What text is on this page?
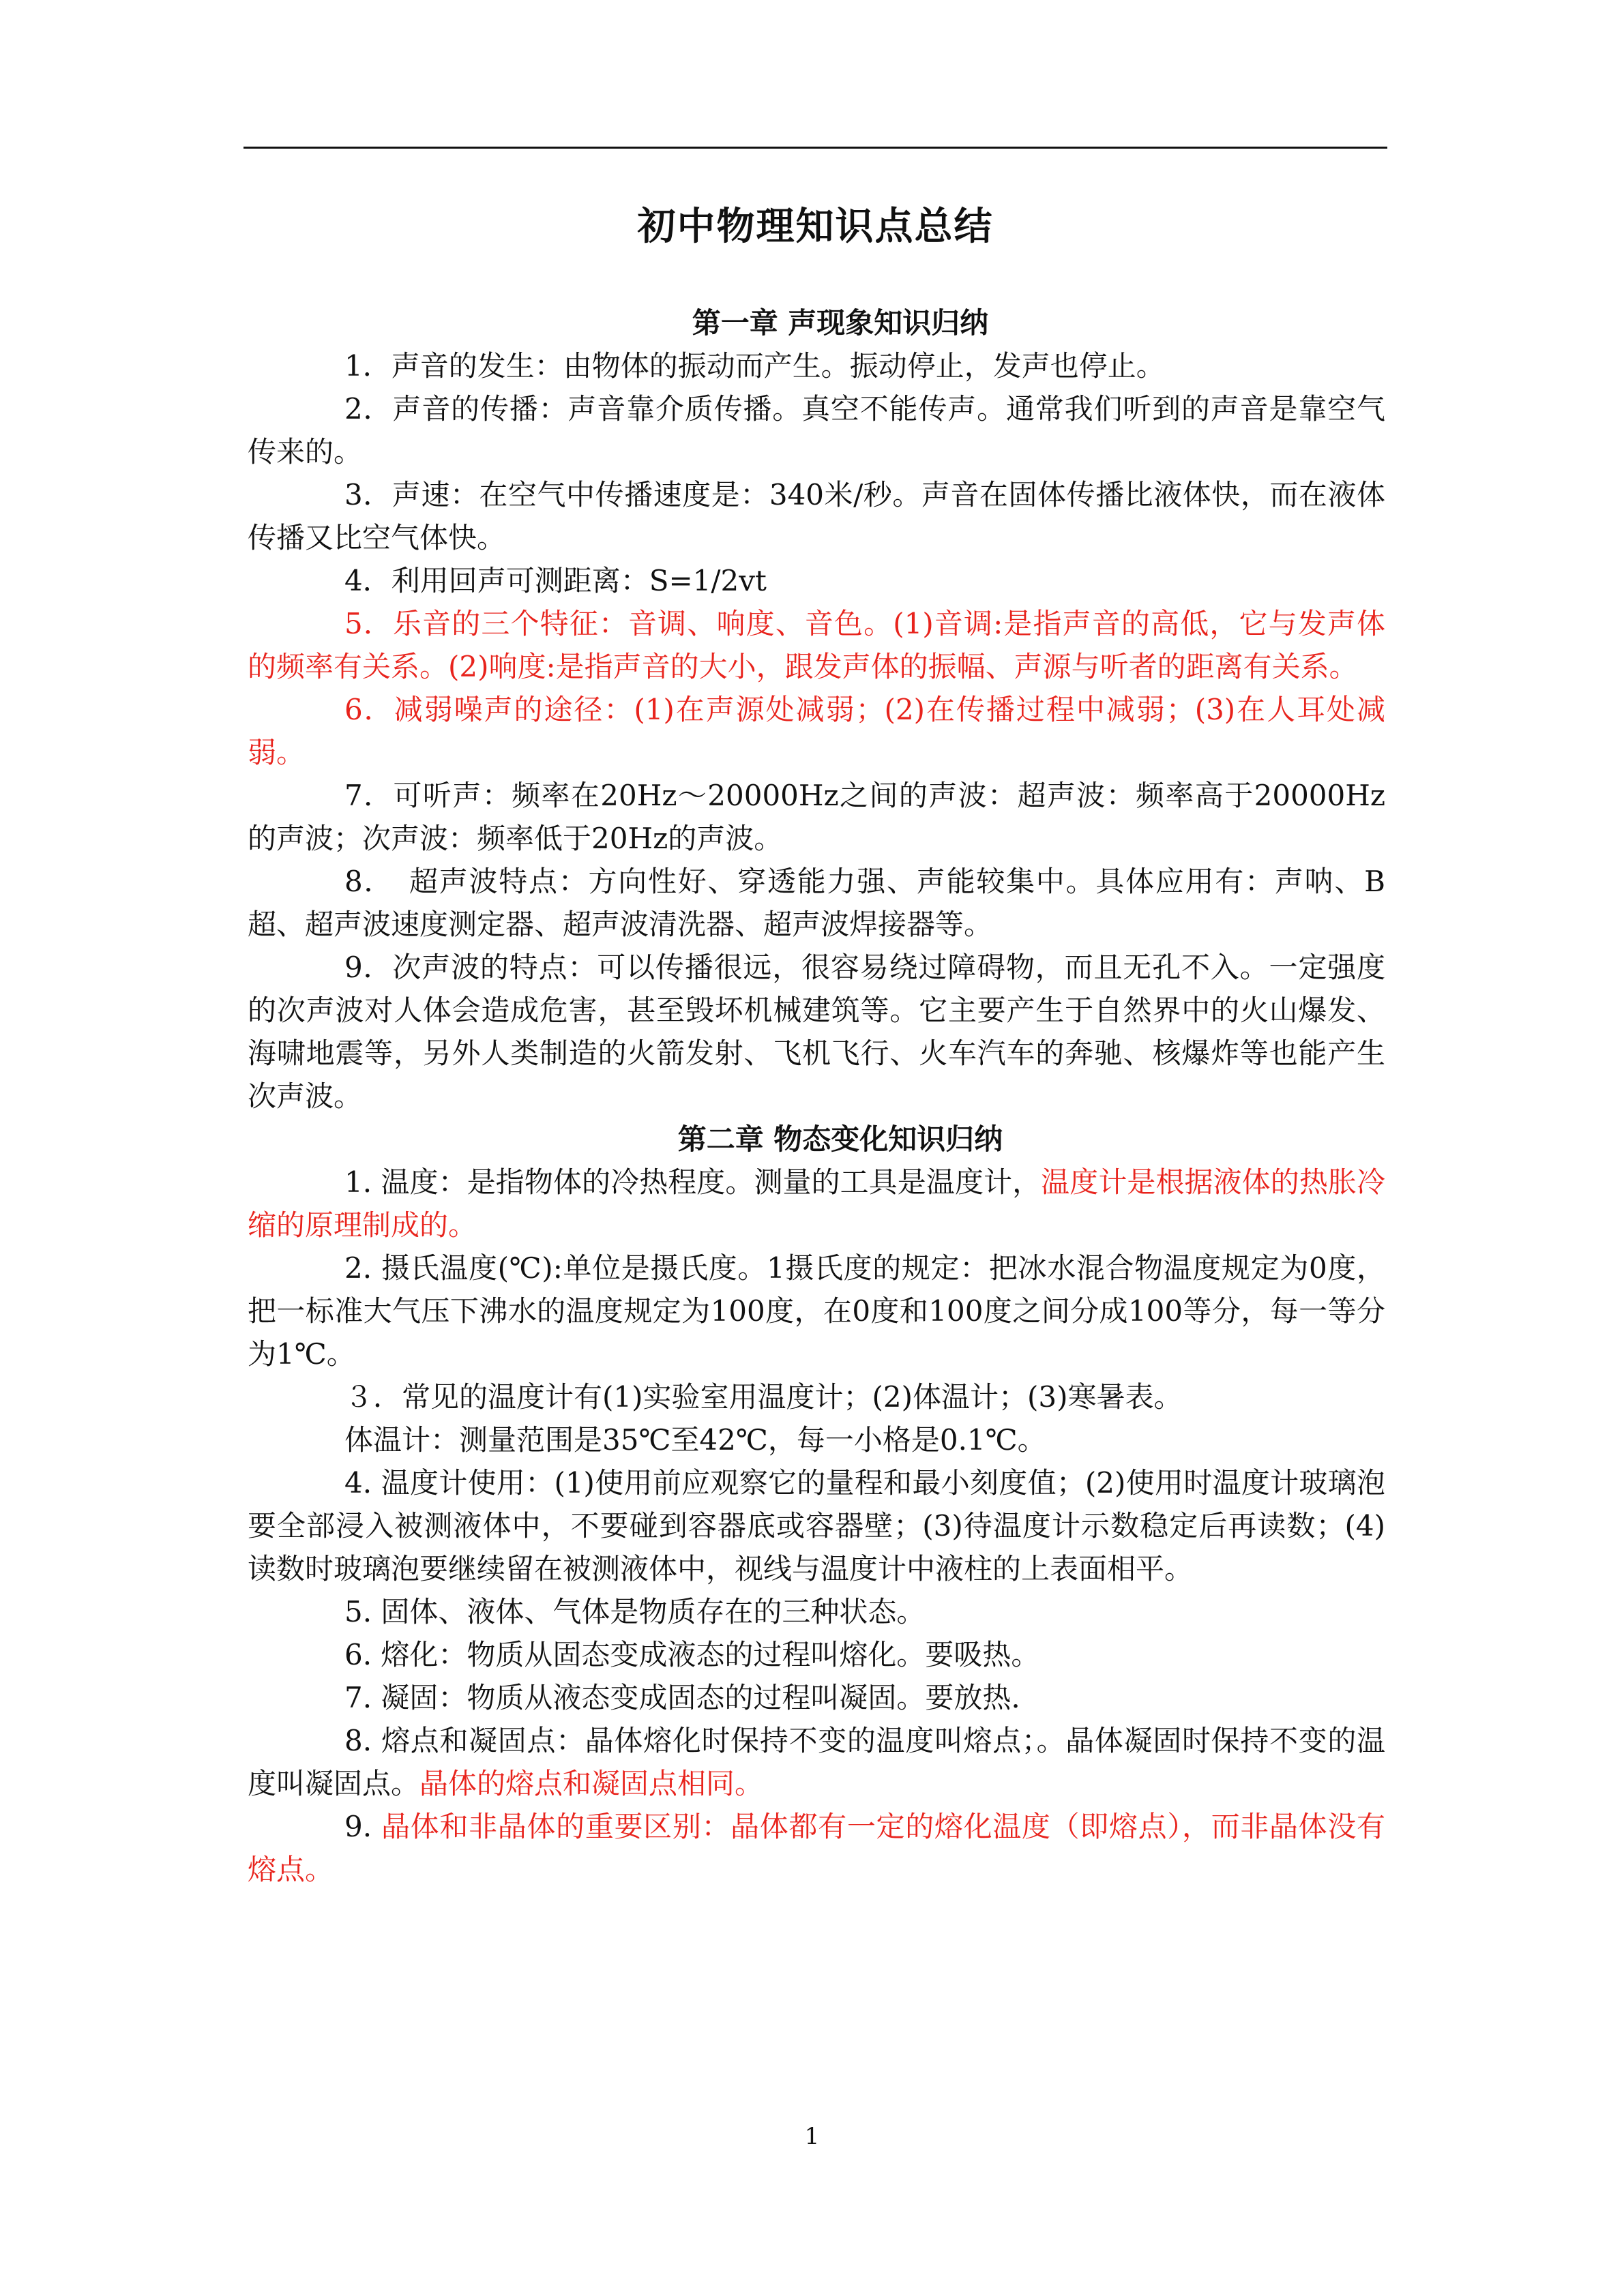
初中物理知识点总结
第一章 声现象知识归纳

1．声音的发生：由物体的振动而产生。振动停止，发声也停止。

2．声音的传播：声音靠介质传播。真空不能传声。通常我们听到的声音是靠空气传来的。

3．声速：在空气中传播速度是：340米/秒。声音在固体传播比液体快，而在液体传播又比空气体快。

4．利用回声可测距离：S=1/2vt

5．乐音的三个特征：音调、响度、音色。(1)音调:是指声音的高低，它与发声体的频率有关系。(2)响度:是指声音的大小，跟发声体的振幅、声源与听者的距离有关系。

6．减弱噪声的途径：(1)在声源处减弱；(2)在传播过程中减弱；(3)在人耳处减弱。

7．可听声：频率在20Hz～20000Hz之间的声波：超声波：频率高于20000Hz的声波；次声波：频率低于20Hz的声波。

8．　超声波特点：方向性好、穿透能力强、声能较集中。具体应用有：声呐、B超、超声波速度测定器、超声波清洗器、超声波焊接器等。

9．次声波的特点：可以传播很远，很容易绕过障碍物，而且无孔不入。一定强度的次声波对人体会造成危害，甚至毁坏机械建筑等。它主要产生于自然界中的火山爆发、海啸地震等，另外人类制造的火箭发射、飞机飞行、火车汽车的奔驰、核爆炸等也能产生次声波。

第二章 物态变化知识归纳

1. 温度：是指物体的冷热程度。测量的工具是温度计，温度计是根据液体的热胀冷缩的原理制成的。

2. 摄氏温度(℃):单位是摄氏度。1摄氏度的规定：把冰水混合物温度规定为0度，把一标准大气压下沸水的温度规定为100度，在0度和100度之间分成100等分，每一等分为1℃。

３．常见的温度计有(1)实验室用温度计；(2)体温计；(3)寒暑表。

体温计：测量范围是35℃至42℃，每一小格是0.1℃。

4. 温度计使用：(1)使用前应观察它的量程和最小刻度值；(2)使用时温度计玻璃泡要全部浸入被测液体中，不要碰到容器底或容器壁；(3)待温度计示数稳定后再读数；(4)读数时玻璃泡要继续留在被测液体中，视线与温度计中液柱的上表面相平。

5. 固体、液体、气体是物质存在的三种状态。

6. 熔化：物质从固态变成液态的过程叫熔化。要吸热。

7. 凝固：物质从液态变成固态的过程叫凝固。要放热.

8. 熔点和凝固点：晶体熔化时保持不变的温度叫熔点；。晶体凝固时保持不变的温度叫凝固点。晶体的熔点和凝固点相同。

9. 晶体和非晶体的重要区别：晶体都有一定的熔化温度（即熔点），而非晶体没有熔点。

1
